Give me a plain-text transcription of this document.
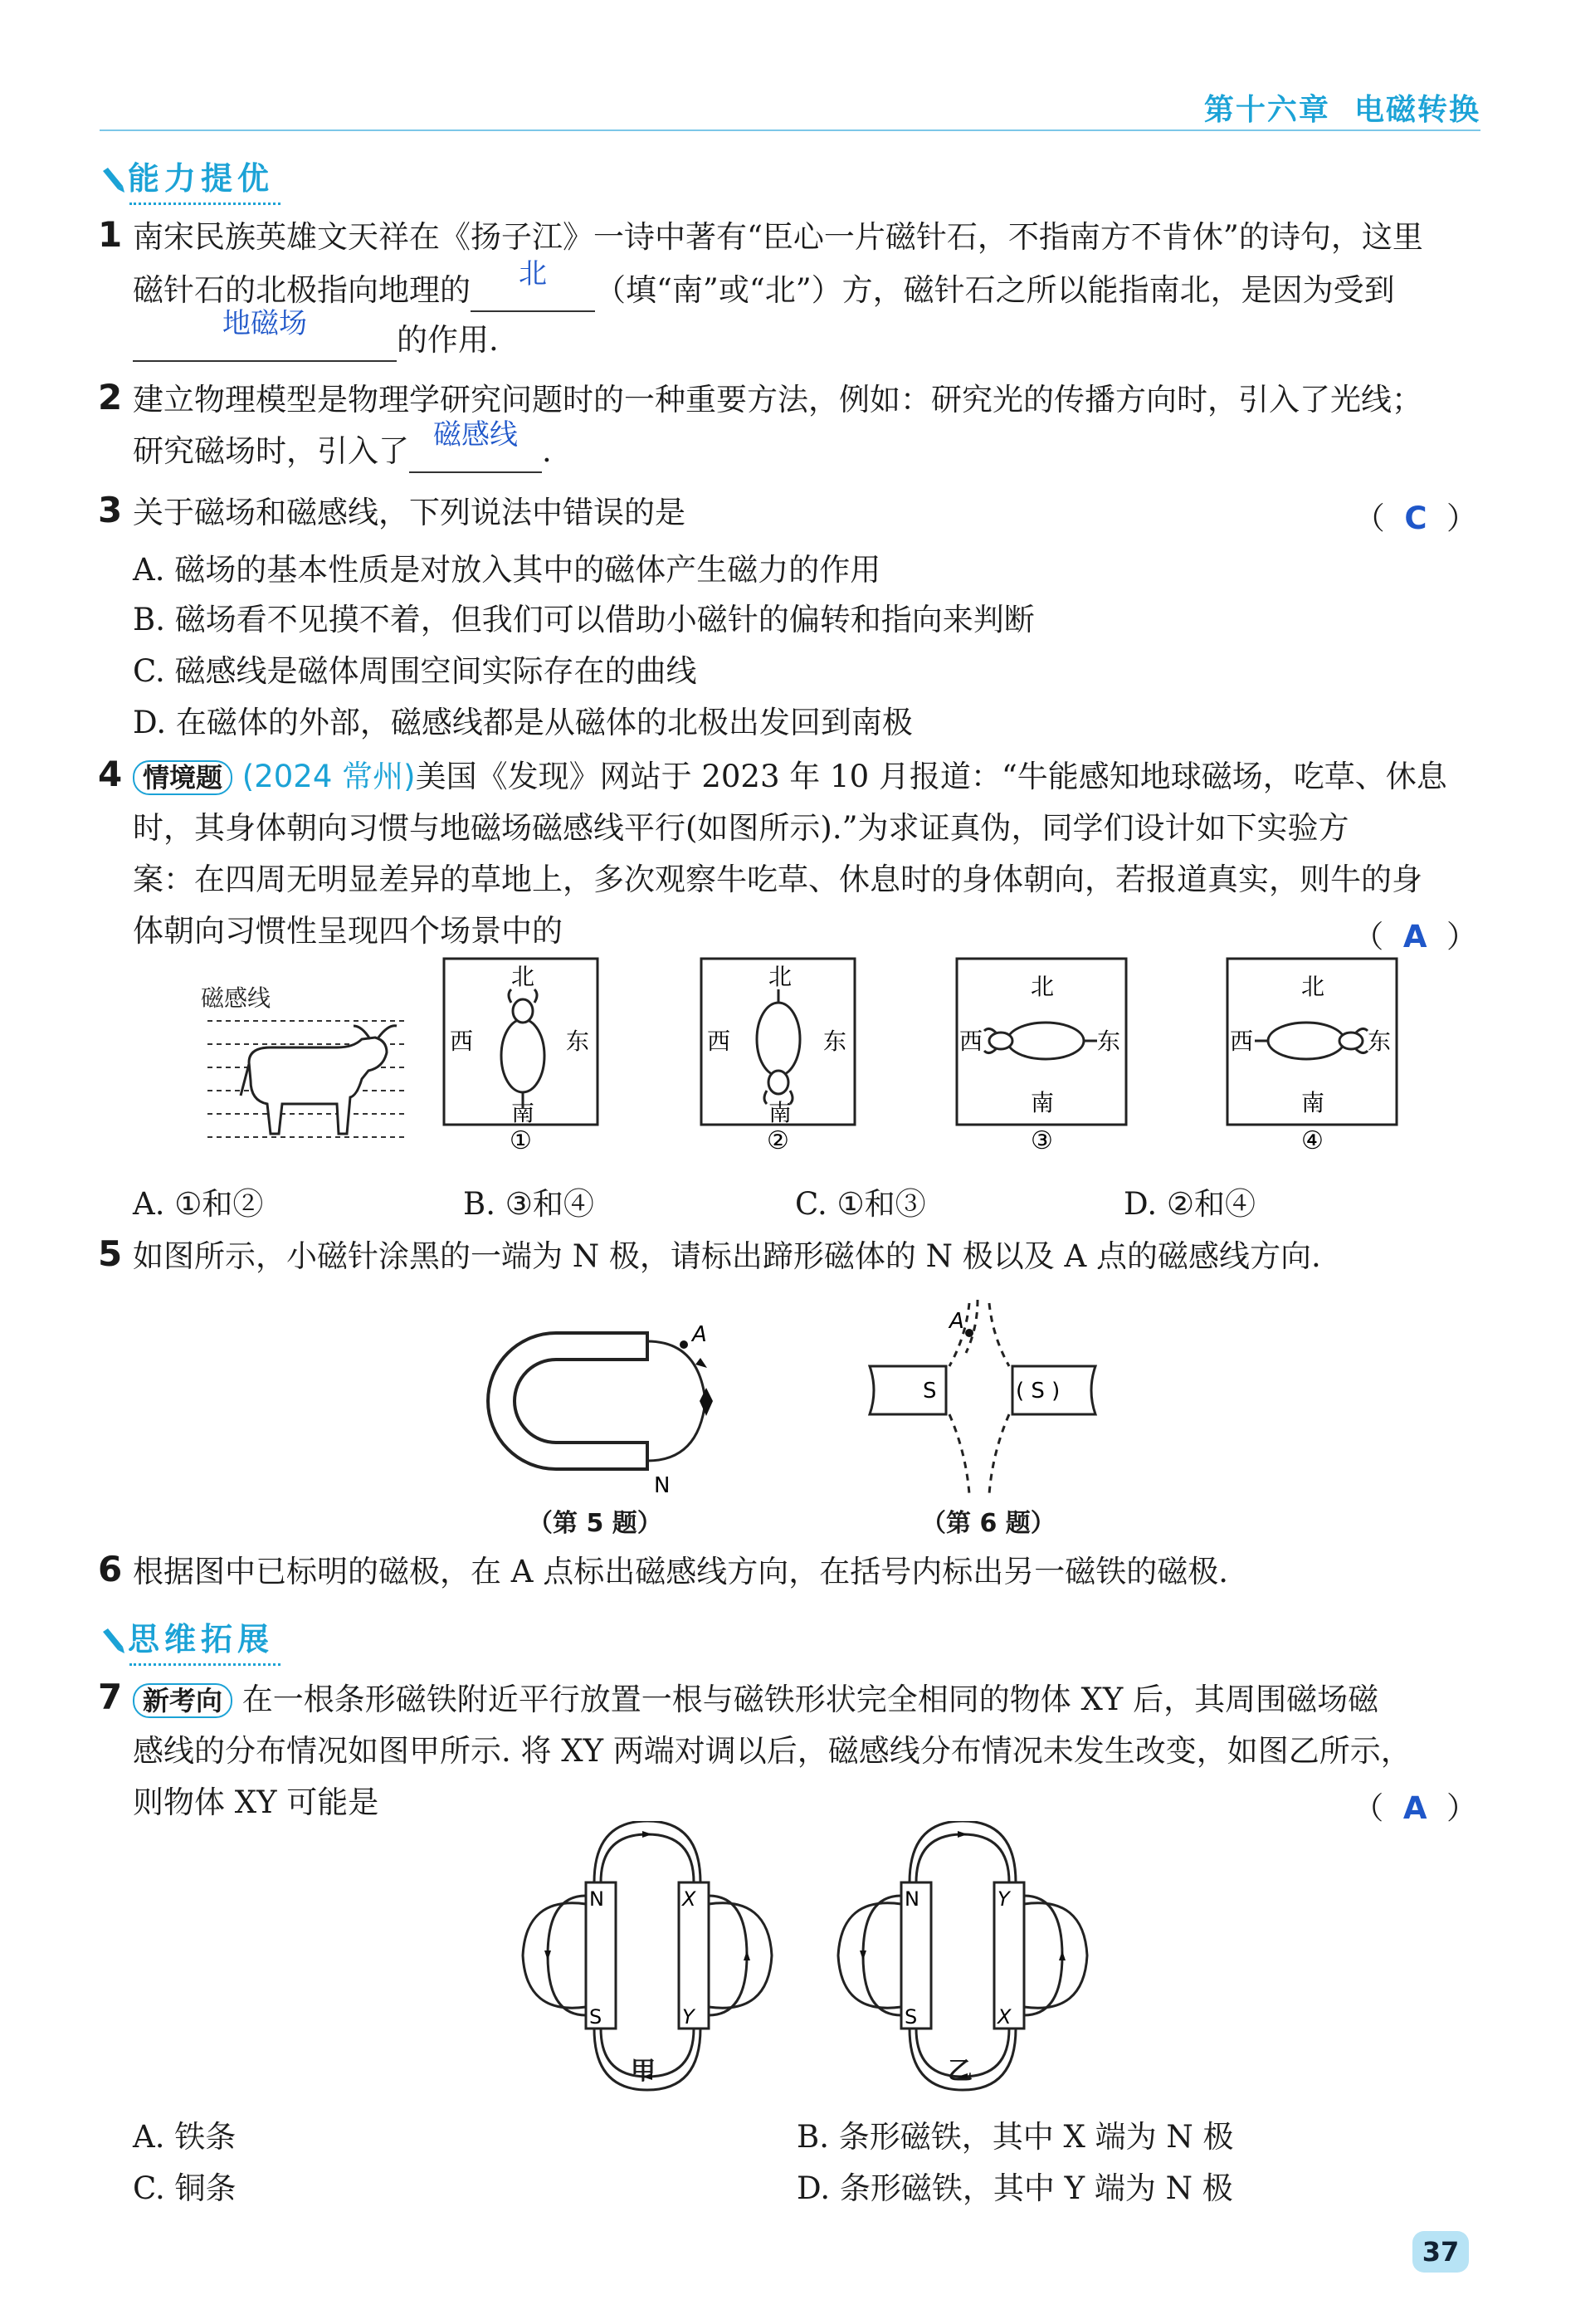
第十六章 电磁转换
能力提优
1 南宋民族英雄文天祥在《扬子江》一诗中著有“臣心一片磁针石，不指南方不肯休”的诗句，这里
磁针石的北极指向地理的	北	（填“南”或“北”）方，磁针石之所以能指南北，是因为受到
地磁场	的作用.
2 建立物理模型是物理学研究问题时的一种重要方法，例如：研究光的传播方向时，引入了光线；
研究磁场时，引入了 磁感线 .
3 关于磁场和磁感线，下列说法中错误的是	（  C  ）
A. 磁场的基本性质是对放入其中的磁体产生磁力的作用
B. 磁场看不见摸不着，但我们可以借助小磁针的偏转和指向来判断
C. 磁感线是磁体周围空间实际存在的曲线
D. 在磁体的外部，磁感线都是从磁体的北极出发回到南极
4 情境题 (2024 常州)美国《发现》网站于 2023 年 10 月报道：“牛能感知地球磁场，吃草、休息
时，其身体朝向习惯与地磁场磁感线平行(如图所示).”为求证真伪，同学们设计如下实验方
案：在四周无明显差异的草地上，多次观察牛吃草、休息时的身体朝向，若报道真实，则牛的身
体朝向习惯性呈现四个场景中的	（  A  ）
磁感线
北
南
西	东
①
北
南
西	东
②
北
南
西	东
③
北
南
西	东
④
A. ①和②	B. ③和④	C. ①和③	D. ②和④
5 如图所示，小磁针涂黑的一端为 N 极，请标出蹄形磁体的 N 极以及 A 点的磁感线方向.
A
N
（第 5 题）
S	( S )
A
（第 6 题）
6 根据图中已标明的磁极，在 A 点标出磁感线方向，在括号内标出另一磁铁的磁极.
思维拓展
7 新考向 在一根条形磁铁附近平行放置一根与磁铁形状完全相同的物体 XY 后，其周围磁场磁
感线的分布情况如图甲所示. 将 XY 两端对调以后，磁感线分布情况未发生改变，如图乙所示，
则物体 XY 可能是	（  A  ）
N	X
S	Y
甲
N	Y
S	X
乙
A. 铁条	B. 条形磁铁，其中 X 端为 N 极
C. 铜条	D. 条形磁铁，其中 Y 端为 N 极
37
